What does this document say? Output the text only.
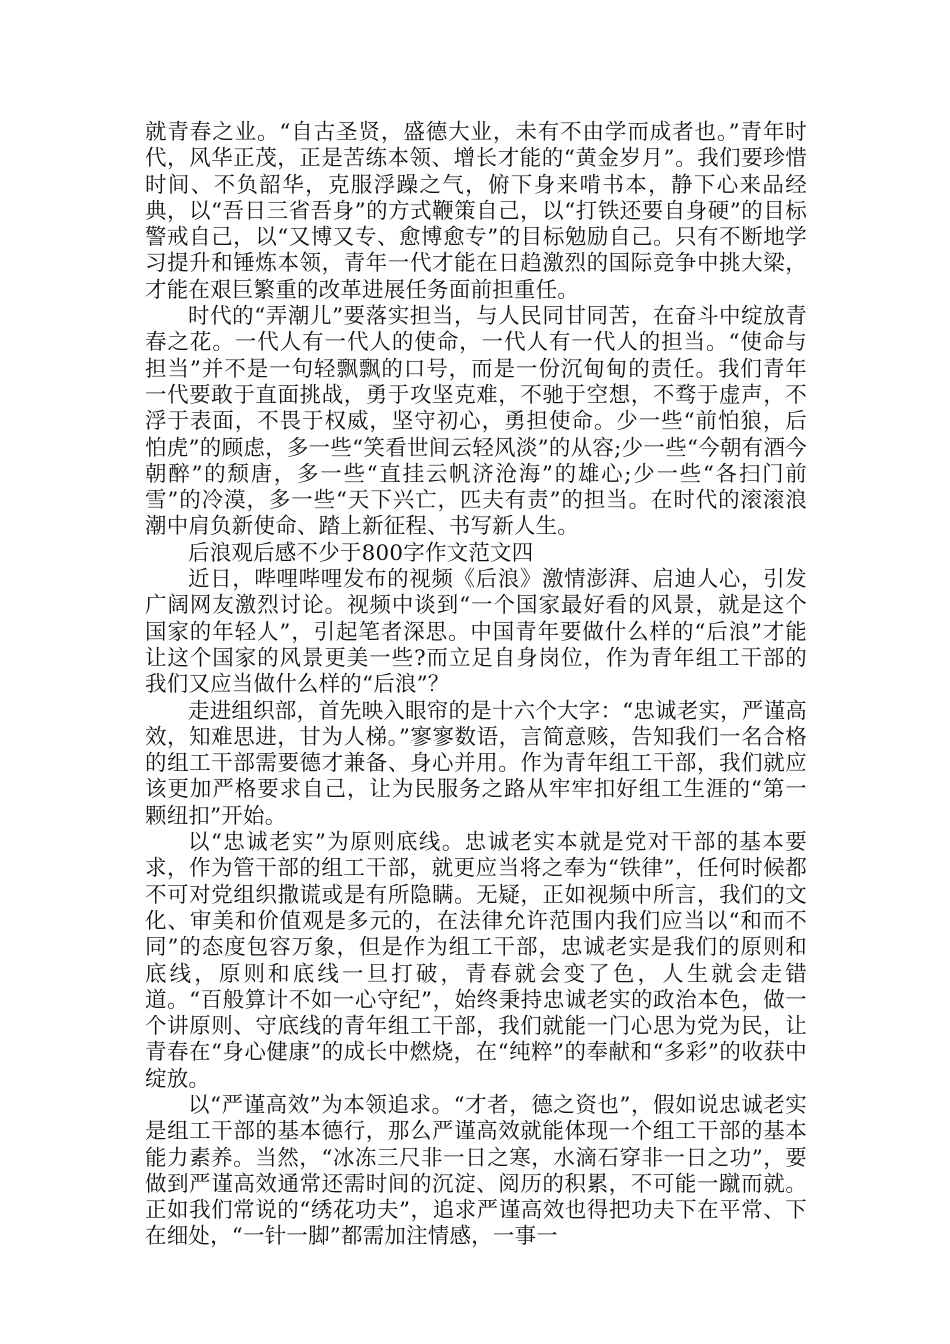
就青春之业。“自古圣贤，盛德大业，未有不由学而成者也。”青年时代，风华正茂，正是苦练本领、增长才能的“黄金岁月”。我们要珍惜时间、不负韶华，克服浮躁之气，俯下身来啃书本，静下心来品经典，以“吾日三省吾身”的方式鞭策自己，以“打铁还要自身硬”的目标警戒自己，以“又博又专、愈博愈专”的目标勉励自己。只有不断地学习提升和锤炼本领，青年一代才能在日趋激烈的国际竞争中挑大梁，才能在艰巨繁重的改革进展任务面前担重任。

时代的“弄潮儿”要落实担当，与人民同甘同苦，在奋斗中绽放青春之花。一代人有一代人的使命，一代人有一代人的担当。“使命与担当”并不是一句轻飘飘的口号，而是一份沉甸甸的责任。我们青年一代要敢于直面挑战，勇于攻坚克难，不驰于空想，不骛于虚声，不浮于表面，不畏于权威，坚守初心，勇担使命。少一些“前怕狼，后怕虎”的顾虑，多一些“笑看世间云轻风淡”的从容;少一些“今朝有酒今朝醉”的颓唐，多一些“直挂云帆济沧海”的雄心;少一些“各扫门前雪”的冷漠，多一些“天下兴亡，匹夫有责”的担当。在时代的滚滚浪潮中肩负新使命、踏上新征程、书写新人生。

后浪观后感不少于800字作文范文四

近日，哔哩哔哩发布的视频《后浪》激情澎湃、启迪人心，引发广阔网友激烈讨论。视频中谈到“一个国家最好看的风景，就是这个国家的年轻人”，引起笔者深思。中国青年要做什么样的“后浪”才能让这个国家的风景更美一些?而立足自身岗位，作为青年组工干部的我们又应当做什么样的“后浪”？

走进组织部，首先映入眼帘的是十六个大字：“忠诚老实，严谨高效，知难思进，甘为人梯。”寥寥数语，言简意赅，告知我们一名合格的组工干部需要德才兼备、身心并用。作为青年组工干部，我们就应该更加严格要求自己，让为民服务之路从牢牢扣好组工生涯的“第一颗纽扣”开始。

以“忠诚老实”为原则底线。忠诚老实本就是党对干部的基本要求，作为管干部的组工干部，就更应当将之奉为“铁律”，任何时候都不可对党组织撒谎或是有所隐瞒。无疑，正如视频中所言，我们的文化、审美和价值观是多元的，在法律允许范围内我们应当以“和而不同”的态度包容万象，但是作为组工干部，忠诚老实是我们的原则和底线，原则和底线一旦打破，青春就会变了色，人生就会走错道。“百般算计不如一心守纪”，始终秉持忠诚老实的政治本色，做一个讲原则、守底线的青年组工干部，我们就能一门心思为党为民，让青春在“身心健康”的成长中燃烧，在“纯粹”的奉献和“多彩”的收获中绽放。

以“严谨高效”为本领追求。“才者，德之资也”，假如说忠诚老实是组工干部的基本德行，那么严谨高效就能体现一个组工干部的基本能力素养。当然，“冰冻三尺非一日之寒，水滴石穿非一日之功”，要做到严谨高效通常还需时间的沉淀、阅历的积累，不可能一蹴而就。正如我们常说的“绣花功夫”，追求严谨高效也得把功夫下在平常、下在细处，“一针一脚”都需加注情感，一事一
